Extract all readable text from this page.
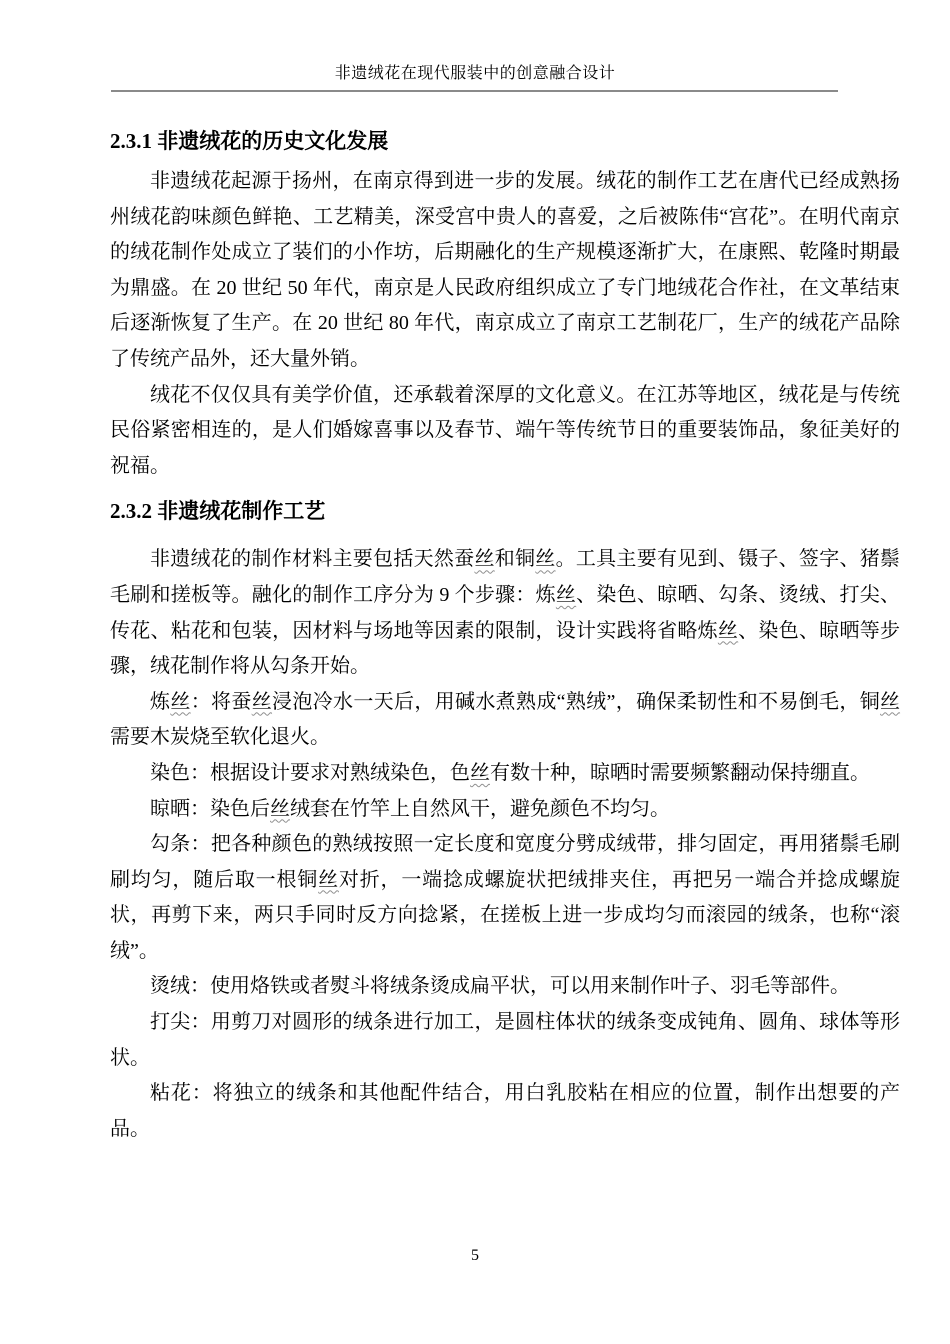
非遗绒花在现代服装中的创意融合设计
2.3.1 非遗绒花的历史文化发展

非遗绒花起源于扬州，在南京得到进一步的发展。绒花的制作工艺在唐代已经成熟扬州绒花韵味颜色鲜艳、工艺精美，深受宫中贵人的喜爱，之后被陈伟“宫花”。在明代南京的绒花制作处成立了装们的小作坊，后期融化的生产规模逐渐扩大，在康熙、乾隆时期最为鼎盛。在 20 世纪 50 年代，南京是人民政府组织成立了专门地绒花合作社，在文革结束后逐渐恢复了生产。在 20 世纪 80 年代，南京成立了南京工艺制花厂，生产的绒花产品除了传统产品外，还大量外销。

绒花不仅仅具有美学价值，还承载着深厚的文化意义。在江苏等地区，绒花是与传统民俗紧密相连的，是人们婚嫁喜事以及春节、端午等传统节日的重要装饰品，象征美好的祝福。

2.3.2 非遗绒花制作工艺

非遗绒花的制作材料主要包括天然蚕丝和铜丝。工具主要有见到、镊子、签字、猪鬃毛刷和搓板等。融化的制作工序分为 9 个步骤：炼丝、染色、晾晒、勾条、烫绒、打尖、传花、粘花和包装，因材料与场地等因素的限制，设计实践将省略炼丝、染色、晾晒等步骤，绒花制作将从勾条开始。

炼丝：将蚕丝浸泡冷水一天后，用碱水煮熟成“熟绒”，确保柔韧性和不易倒毛，铜丝需要木炭烧至软化退火。

染色：根据设计要求对熟绒染色，色丝有数十种，晾晒时需要频繁翻动保持绷直。

晾晒：染色后丝绒套在竹竿上自然风干，避免颜色不均匀。

勾条：把各种颜色的熟绒按照一定长度和宽度分劈成绒带，排匀固定，再用猪鬃毛刷刷均匀，随后取一根铜丝对折，一端捻成螺旋状把绒排夹住，再把另一端合并捻成螺旋状，再剪下来，两只手同时反方向捻紧，在搓板上进一步成均匀而滚园的绒条，也称“滚绒”。

烫绒：使用烙铁或者熨斗将绒条烫成扁平状，可以用来制作叶子、羽毛等部件。

打尖：用剪刀对圆形的绒条进行加工，是圆柱体状的绒条变成钝角、圆角、球体等形状。

粘花：将独立的绒条和其他配件结合，用白乳胶粘在相应的位置，制作出想要的产品。

5
